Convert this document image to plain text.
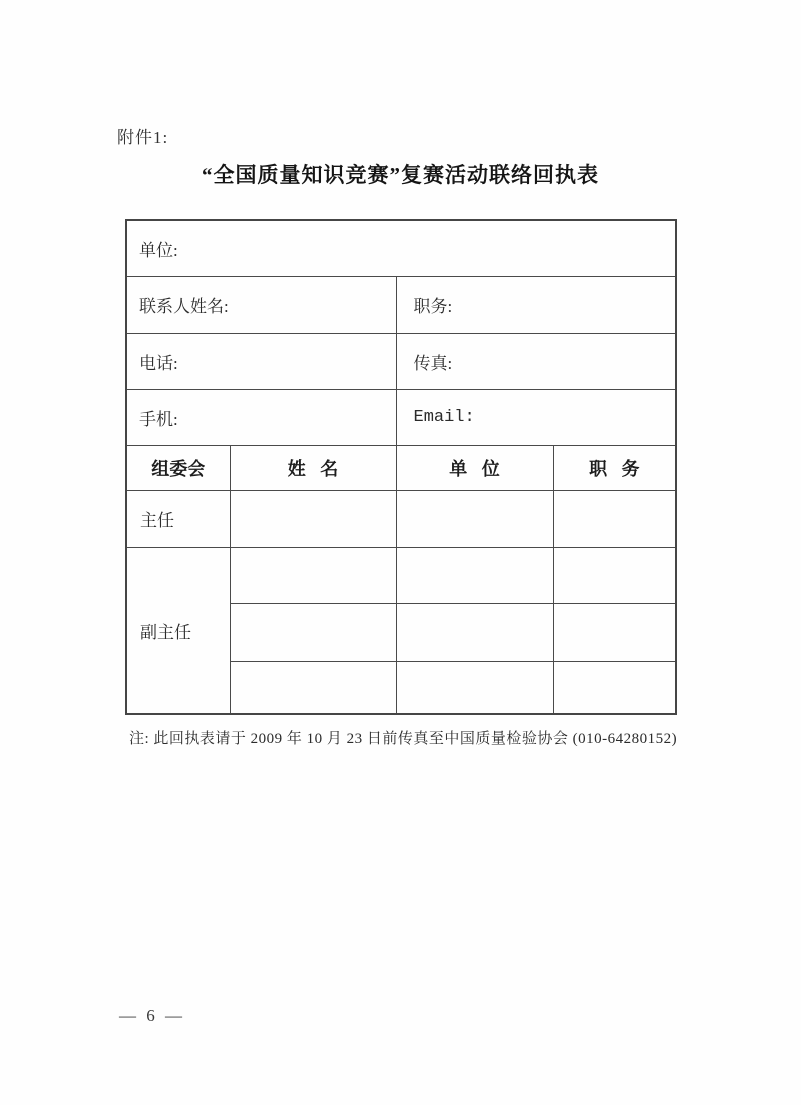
附件1:
“全国质量知识竞赛”复赛活动联络回执表
单位:			
联系人姓名:		职务:	
电话:		传真:	
手机:		Email:	
组委会	姓 名	单 位	职 务
主任			
副主任			

注: 此回执表请于 2009 年 10 月 23 日前传真至中国质量检验协会 (010-64280152)
— 6 —
